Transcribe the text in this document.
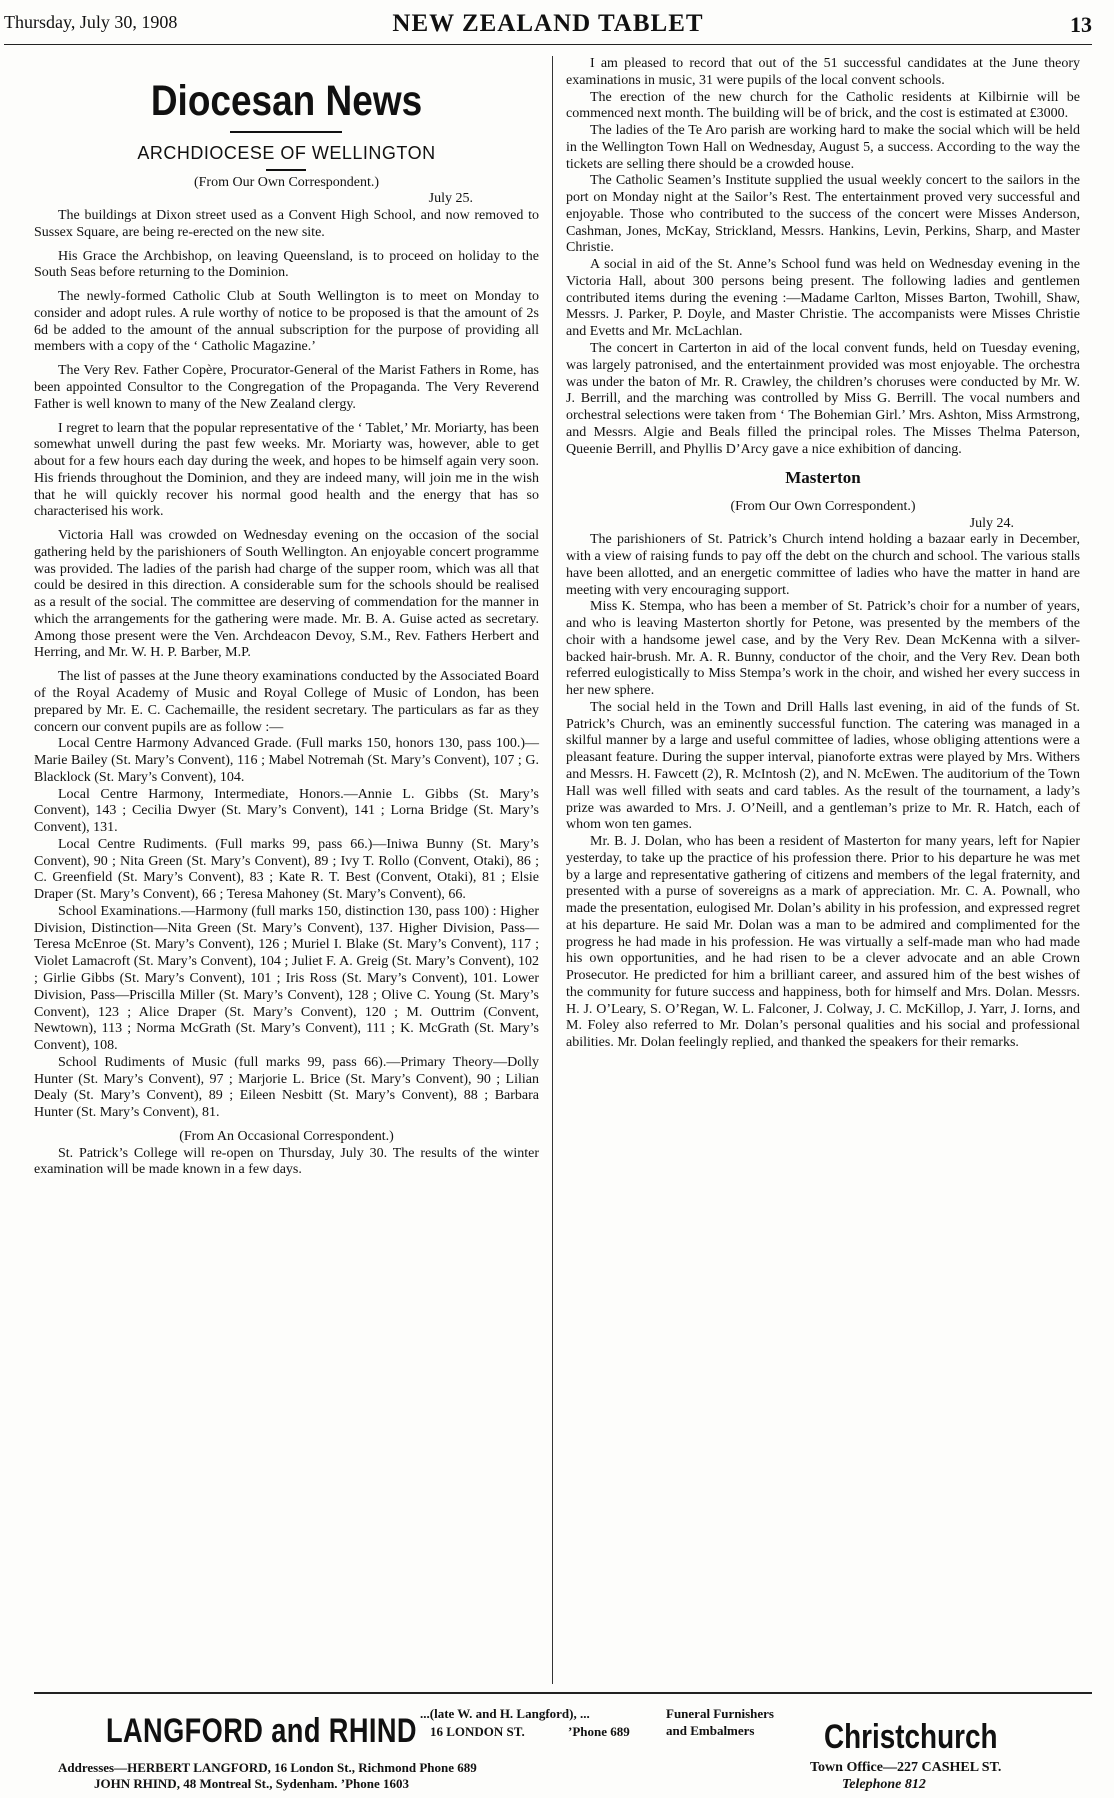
Thursday, July 30, 1908	NEW ZEALAND TABLET	13
Diocesan News
ARCHDIOCESE OF WELLINGTON

(From Our Own Correspondent.)

July 25.

The buildings at Dixon street used as a Convent High School, and now removed to Sussex Square, are being re-erected on the new site.

His Grace the Archbishop, on leaving Queensland, is to proceed on holiday to the South Seas before returning to the Dominion.

The newly-formed Catholic Club at South Wellington is to meet on Monday to consider and adopt rules. A rule worthy of notice to be proposed is that the amount of 2s 6d be added to the amount of the annual subscription for the purpose of providing all members with a copy of the ‘ Catholic Magazine.’

The Very Rev. Father Copère, Procurator-General of the Marist Fathers in Rome, has been appointed Consultor to the Congregation of the Propaganda. The Very Reverend Father is well known to many of the New Zealand clergy.

I regret to learn that the popular representative of the ‘ Tablet,’ Mr. Moriarty, has been somewhat unwell during the past few weeks. Mr. Moriarty was, however, able to get about for a few hours each day during the week, and hopes to be himself again very soon. His friends throughout the Dominion, and they are indeed many, will join me in the wish that he will quickly recover his normal good health and the energy that has so characterised his work.

Victoria Hall was crowded on Wednesday evening on the occasion of the social gathering held by the parishioners of South Wellington. An enjoyable concert programme was provided. The ladies of the parish had charge of the supper room, which was all that could be desired in this direction. A considerable sum for the schools should be realised as a result of the social. The committee are deserving of commendation for the manner in which the arrangements for the gathering were made. Mr. B. A. Guise acted as secretary. Among those present were the Ven. Archdeacon Devoy, S.M., Rev. Fathers Herbert and Herring, and Mr. W. H. P. Barber, M.P.

The list of passes at the June theory examinations conducted by the Associated Board of the Royal Academy of Music and Royal College of Music of London, has been prepared by Mr. E. C. Cachemaille, the resident secretary. The particulars as far as they concern our convent pupils are as follow :—

Local Centre Harmony Advanced Grade. (Full marks 150, honors 130, pass 100.)—Marie Bailey (St. Mary’s Convent), 116 ; Mabel Notremah (St. Mary’s Convent), 107 ; G. Blacklock (St. Mary’s Convent), 104.

Local Centre Harmony, Intermediate, Honors.—Annie L. Gibbs (St. Mary’s Convent), 143 ; Cecilia Dwyer (St. Mary’s Convent), 141 ; Lorna Bridge (St. Mary’s Convent), 131.

Local Centre Rudiments. (Full marks 99, pass 66.)—Iniwa Bunny (St. Mary’s Convent), 90 ; Nita Green (St. Mary’s Convent), 89 ; Ivy T. Rollo (Convent, Otaki), 86 ; C. Greenfield (St. Mary’s Convent), 83 ; Kate R. T. Best (Convent, Otaki), 81 ; Elsie Draper (St. Mary’s Convent), 66 ; Teresa Mahoney (St. Mary’s Convent), 66.

School Examinations.—Harmony (full marks 150, distinction 130, pass 100) : Higher Division, Distinction—Nita Green (St. Mary’s Convent), 137. Higher Division, Pass—Teresa McEnroe (St. Mary’s Convent), 126 ; Muriel I. Blake (St. Mary’s Convent), 117 ; Violet Lamacroft (St. Mary’s Convent), 104 ; Juliet F. A. Greig (St. Mary’s Convent), 102 ; Girlie Gibbs (St. Mary’s Convent), 101 ; Iris Ross (St. Mary’s Convent), 101. Lower Division, Pass—Priscilla Miller (St. Mary’s Convent), 128 ; Olive C. Young (St. Mary’s Convent), 123 ; Alice Draper (St. Mary’s Convent), 120 ; M. Outtrim (Convent, Newtown), 113 ; Norma McGrath (St. Mary’s Convent), 111 ; K. McGrath (St. Mary’s Convent), 108.

School Rudiments of Music (full marks 99, pass 66).—Primary Theory—Dolly Hunter (St. Mary’s Convent), 97 ; Marjorie L. Brice (St. Mary’s Convent), 90 ; Lilian Dealy (St. Mary’s Convent), 89 ; Eileen Nesbitt (St. Mary’s Convent), 88 ; Barbara Hunter (St. Mary’s Convent), 81.

(From An Occasional Correspondent.)

St. Patrick’s College will re-open on Thursday, July 30. The results of the winter examination will be made known in a few days.

I am pleased to record that out of the 51 successful candidates at the June theory examinations in music, 31 were pupils of the local convent schools.

The erection of the new church for the Catholic residents at Kilbirnie will be commenced next month. The building will be of brick, and the cost is estimated at £3000.

The ladies of the Te Aro parish are working hard to make the social which will be held in the Wellington Town Hall on Wednesday, August 5, a success. According to the way the tickets are selling there should be a crowded house.

The Catholic Seamen’s Institute supplied the usual weekly concert to the sailors in the port on Monday night at the Sailor’s Rest. The entertainment proved very successful and enjoyable. Those who contributed to the success of the concert were Misses Anderson, Cashman, Jones, McKay, Strickland, Messrs. Hankins, Levin, Perkins, Sharp, and Master Christie.

A social in aid of the St. Anne’s School fund was held on Wednesday evening in the Victoria Hall, about 300 persons being present. The following ladies and gentlemen contributed items during the evening :—Madame Carlton, Misses Barton, Twohill, Shaw, Messrs. J. Parker, P. Doyle, and Master Christie. The accompanists were Misses Christie and Evetts and Mr. McLachlan.

The concert in Carterton in aid of the local convent funds, held on Tuesday evening, was largely patronised, and the entertainment provided was most enjoyable. The orchestra was under the baton of Mr. R. Crawley, the children’s choruses were conducted by Mr. W. J. Berrill, and the marching was controlled by Miss G. Berrill. The vocal numbers and orchestral selections were taken from ‘ The Bohemian Girl.’ Mrs. Ashton, Miss Armstrong, and Messrs. Algie and Beals filled the principal roles. The Misses Thelma Paterson, Queenie Berrill, and Phyllis D’Arcy gave a nice exhibition of dancing.

Masterton

(From Our Own Correspondent.)

July 24.

The parishioners of St. Patrick’s Church intend holding a bazaar early in December, with a view of raising funds to pay off the debt on the church and school. The various stalls have been allotted, and an energetic committee of ladies who have the matter in hand are meeting with very encouraging support.

Miss K. Stempa, who has been a member of St. Patrick’s choir for a number of years, and who is leaving Masterton shortly for Petone, was presented by the members of the choir with a handsome jewel case, and by the Very Rev. Dean McKenna with a silver-backed hair-brush. Mr. A. R. Bunny, conductor of the choir, and the Very Rev. Dean both referred eulogistically to Miss Stempa’s work in the choir, and wished her every success in her new sphere.

The social held in the Town and Drill Halls last evening, in aid of the funds of St. Patrick’s Church, was an eminently successful function. The catering was managed in a skilful manner by a large and useful committee of ladies, whose obliging attentions were a pleasant feature. During the supper interval, pianoforte extras were played by Mrs. Withers and Messrs. H. Fawcett (2), R. McIntosh (2), and N. McEwen. The auditorium of the Town Hall was well filled with seats and card tables. As the result of the tournament, a lady’s prize was awarded to Mrs. J. O’Neill, and a gentleman’s prize to Mr. R. Hatch, each of whom won ten games.

Mr. B. J. Dolan, who has been a resident of Masterton for many years, left for Napier yesterday, to take up the practice of his profession there. Prior to his departure he was met by a large and representative gathering of citizens and members of the legal fraternity, and presented with a purse of sovereigns as a mark of appreciation. Mr. C. A. Pownall, who made the presentation, eulogised Mr. Dolan’s ability in his profession, and expressed regret at his departure. He said Mr. Dolan was a man to be admired and complimented for the progress he had made in his profession. He was virtually a self-made man who had made his own opportunities, and he had risen to be a clever advocate and an able Crown Prosecutor. He predicted for him a brilliant career, and assured him of the best wishes of the community for future success and happiness, both for himself and Mrs. Dolan. Messrs. H. J. O’Leary, S. O’Regan, W. L. Falconer, J. Colway, J. C. McKillop, J. Yarr, J. Iorns, and M. Foley also referred to Mr. Dolan’s personal qualities and his social and professional abilities. Mr. Dolan feelingly replied, and thanked the speakers for their remarks.

LANGFORD and RHIND ...(late W. and H. Langford), ...
16 LONDON ST.	’Phone 689
Funeral Furnishers
and Embalmers
Addresses—HERBERT LANGFORD, 16 London St., Richmond Phone 689
JOHN RHIND, 48 Montreal St., Sydenham. ’Phone 1603
Christchurch
Town Office—227 CASHEL ST.
Telephone 812
